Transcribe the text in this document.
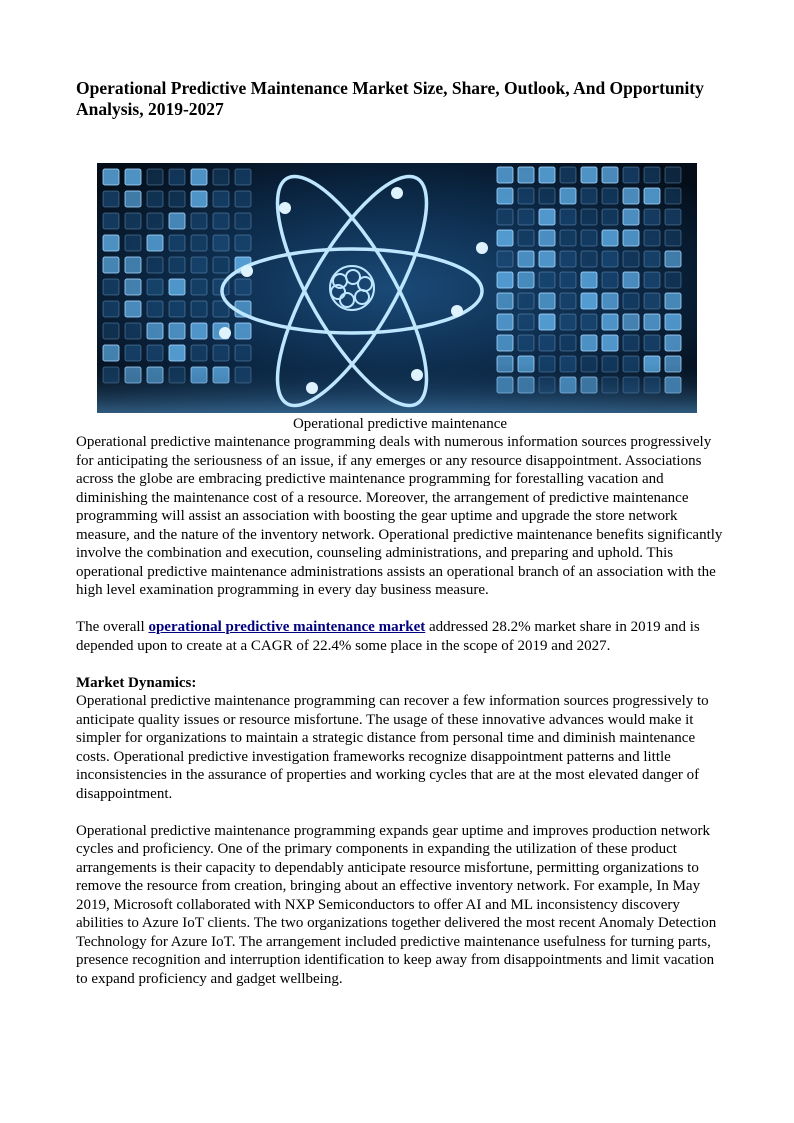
Operational Predictive Maintenance Market Size, Share, Outlook, And Opportunity Analysis, 2019-2027
Operational predictive maintenance

Operational predictive maintenance programming deals with numerous information sources progressively for anticipating the seriousness of an issue, if any emerges or any resource disappointment. Associations across the globe are embracing predictive maintenance programming for forestalling vacation and diminishing the maintenance cost of a resource. Moreover, the arrangement of predictive maintenance programming will assist an association with boosting the gear uptime and upgrade the store network measure, and the nature of the inventory network. Operational predictive maintenance benefits significantly involve the combination and execution, counseling administrations, and preparing and uphold. This operational predictive maintenance administrations assists an operational branch of an association with the high level examination programming in every day business measure.

The overall operational predictive maintenance market addressed 28.2% market share in 2019 and is depended upon to create at a CAGR of 22.4% some place in the scope of 2019 and 2027.

Market Dynamics:

Operational predictive maintenance programming can recover a few information sources progressively to anticipate quality issues or resource misfortune. The usage of these innovative advances would make it simpler for organizations to maintain a strategic distance from personal time and diminish maintenance costs. Operational predictive investigation frameworks recognize disappointment patterns and little inconsistencies in the assurance of properties and working cycles that are at the most elevated danger of disappointment.

Operational predictive maintenance programming expands gear uptime and improves production network cycles and proficiency. One of the primary components in expanding the utilization of these product arrangements is their capacity to dependably anticipate resource misfortune, permitting organizations to remove the resource from creation, bringing about an effective inventory network. For example, In May 2019, Microsoft collaborated with NXP Semiconductors to offer AI and ML inconsistency discovery abilities to Azure IoT clients. The two organizations together delivered the most recent Anomaly Detection Technology for Azure IoT. The arrangement included predictive maintenance usefulness for turning parts, presence recognition and interruption identification to keep away from disappointments and limit vacation to expand proficiency and gadget wellbeing.
